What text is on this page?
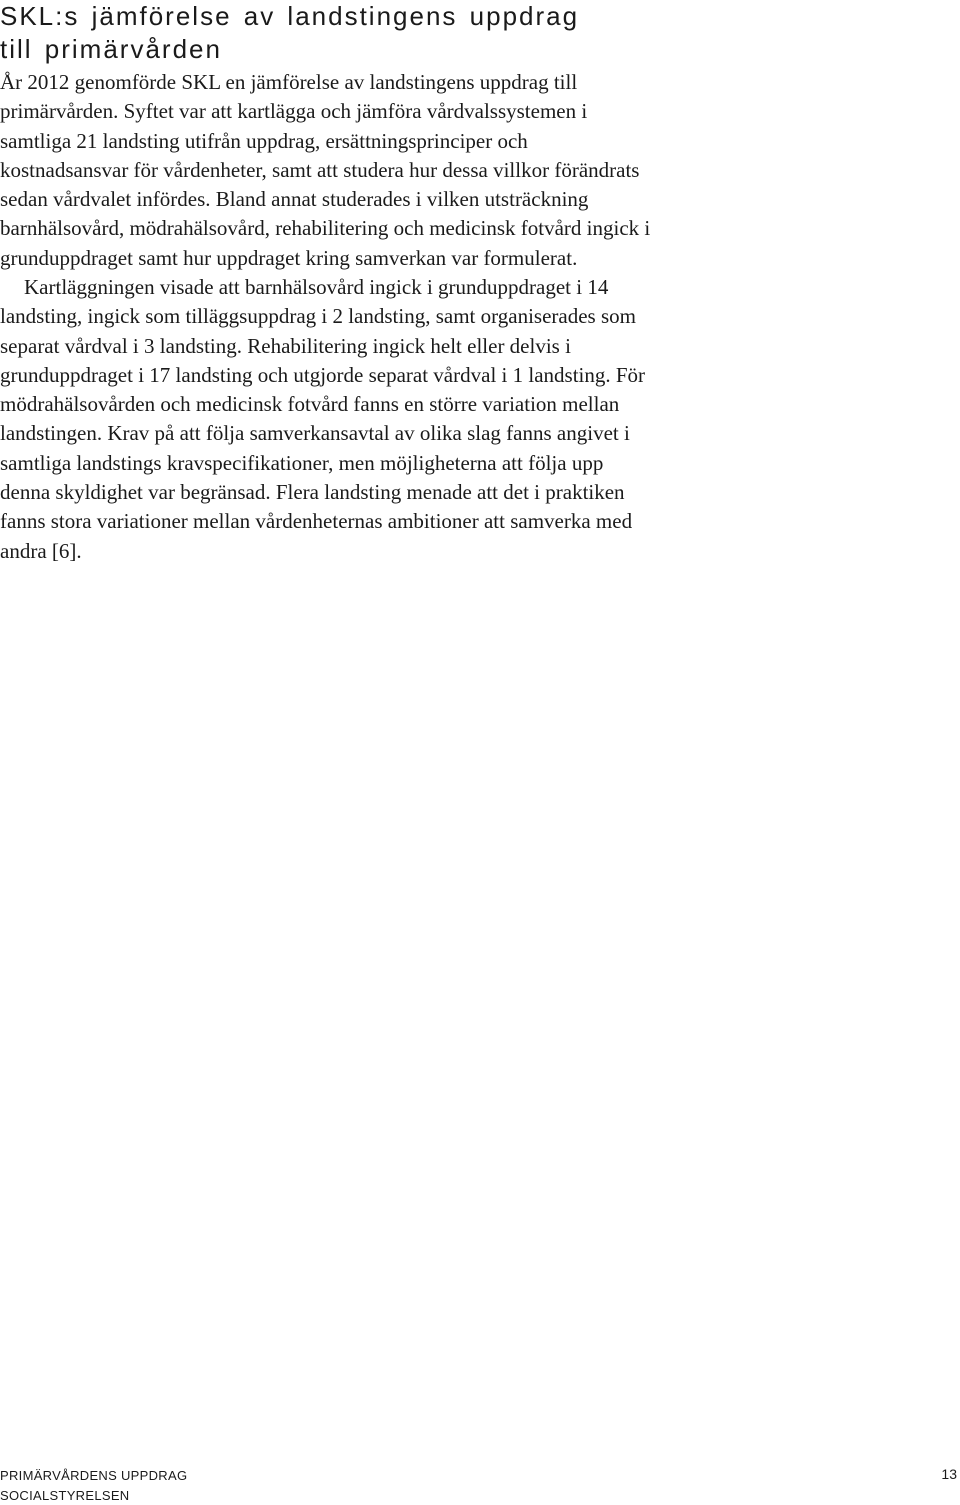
SKL:s jämförelse av landstingens uppdrag
till primärvården

År 2012 genomförde SKL en jämförelse av landstingens uppdrag till
primärvården. Syftet var att kartlägga och jämföra vårdvalssystemen i
samtliga 21 landsting utifrån uppdrag, ersättningsprinciper och
kostnadsansvar för vårdenheter, samt att studera hur dessa villkor förändrats
sedan vårdvalet infördes. Bland annat studerades i vilken utsträckning
barnhälsovård, mödrahälsovård, rehabilitering och medicinsk fotvård ingick i
grunduppdraget samt hur uppdraget kring samverkan var formulerat.

Kartläggningen visade att barnhälsovård ingick i grunduppdraget i 14
landsting, ingick som tilläggsuppdrag i 2 landsting, samt organiserades som
separat vårdval i 3 landsting. Rehabilitering ingick helt eller delvis i
grunduppdraget i 17 landsting och utgjorde separat vårdval i 1 landsting. För
mödrahälsovården och medicinsk fotvård fanns en större variation mellan
landstingen. Krav på att följa samverkansavtal av olika slag fanns angivet i
samtliga landstings kravspecifikationer, men möjligheterna att följa upp
denna skyldighet var begränsad. Flera landsting menade att det i praktiken
fanns stora variationer mellan vårdenheternas ambitioner att samverka med
andra [6].

PRIMÄRVÅRDENS UPPDRAG
SOCIALSTYRELSEN
13
